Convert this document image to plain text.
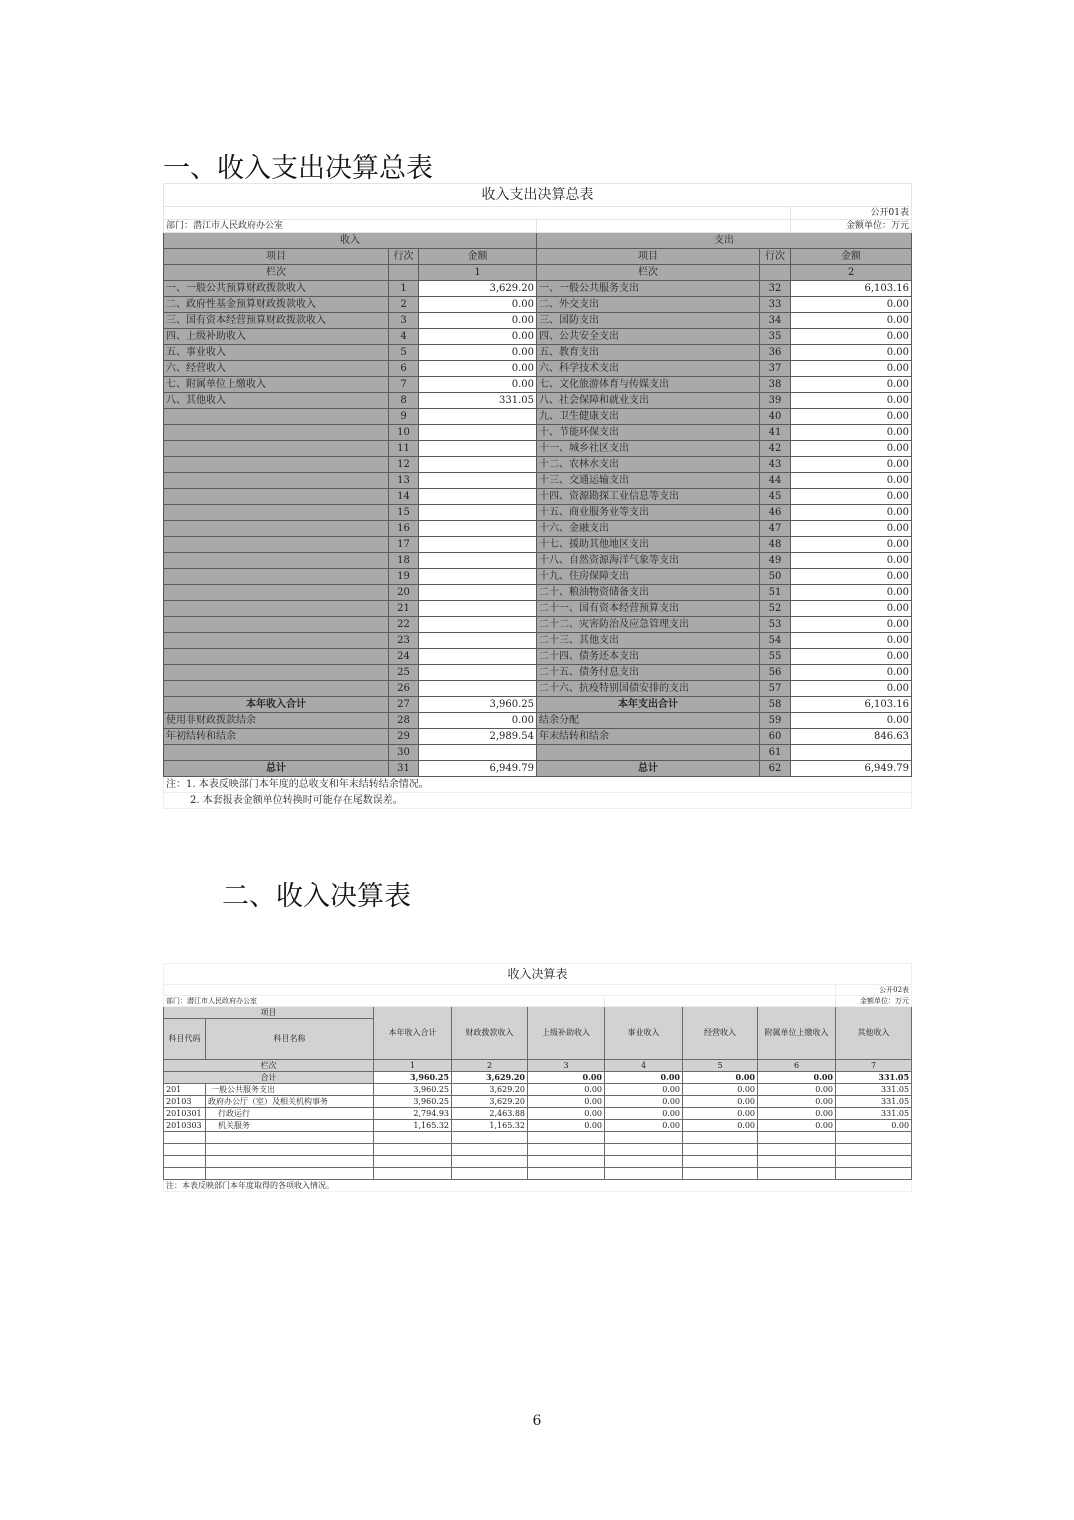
一、收入支出决算总表
收入支出决算总表					
					公开01表
部门：潜江市人民政府办公室					金额单位：万元
收入			支出		
项目	行次	金额	项目	行次	金额
栏次		1	栏次		2
一、一般公共预算财政拨款收入	1	3,629.20	一、一般公共服务支出	32	6,103.16
二、政府性基金预算财政拨款收入	2	0.00	二、外交支出	33	0.00
三、国有资本经营预算财政拨款收入	3	0.00	三、国防支出	34	0.00
四、上级补助收入	4	0.00	四、公共安全支出	35	0.00
五、事业收入	5	0.00	五、教育支出	36	0.00
六、经营收入	6	0.00	六、科学技术支出	37	0.00
七、附属单位上缴收入	7	0.00	七、文化旅游体育与传媒支出	38	0.00
八、其他收入	8	331.05	八、社会保障和就业支出	39	0.00
	9		九、卫生健康支出	40	0.00
	10		十、节能环保支出	41	0.00
	11		十一、城乡社区支出	42	0.00
	12		十二、农林水支出	43	0.00
	13		十三、交通运输支出	44	0.00
	14		十四、资源勘探工业信息等支出	45	0.00
	15		十五、商业服务业等支出	46	0.00
	16		十六、金融支出	47	0.00
	17		十七、援助其他地区支出	48	0.00
	18		十八、自然资源海洋气象等支出	49	0.00
	19		十九、住房保障支出	50	0.00
	20		二十、粮油物资储备支出	51	0.00
	21		二十一、国有资本经营预算支出	52	0.00
	22		二十二、灾害防治及应急管理支出	53	0.00
	23		二十三、其他支出	54	0.00
	24		二十四、债务还本支出	55	0.00
	25		二十五、债务付息支出	56	0.00
	26		二十六、抗疫特别国债安排的支出	57	0.00
本年收入合计	27	3,960.25	本年支出合计	58	6,103.16
使用非财政拨款结余	28	0.00	结余分配	59	0.00
年初结转和结余	29	2,989.54	年末结转和结余	60	846.63
	30			61	
总计	31	6,949.79	总计	62	6,949.79
注：1. 本表反映部门本年度的总收支和年末结转结余情况。					
2. 本套报表金额单位转换时可能存在尾数误差。					
二、收入决算表
收入决算表								
								公开02表
部门：潜江市人民政府办公室								金额单位：万元
项目		本年收入合计	财政拨款收入	上级补助收入	事业收入	经营收入	附属单位上缴收入	其他收入
科目代码	科目名称							

栏次		1	2	3	4	5	6	7
合计		3,960.25	3,629.20	0.00	0.00	0.00	0.00	331.05
201	一般公共服务支出	3,960.25	3,629.20	0.00	0.00	0.00	0.00	331.05
20103	政府办公厅（室）及相关机构事务	3,960.25	3,629.20	0.00	0.00	0.00	0.00	331.05
2010301	行政运行	2,794.93	2,463.88	0.00	0.00	0.00	0.00	331.05
2010303	机关服务	1,165.32	1,165.32	0.00	0.00	0.00	0.00	0.00

注：本表反映部门本年度取得的各项收入情况。								
6
